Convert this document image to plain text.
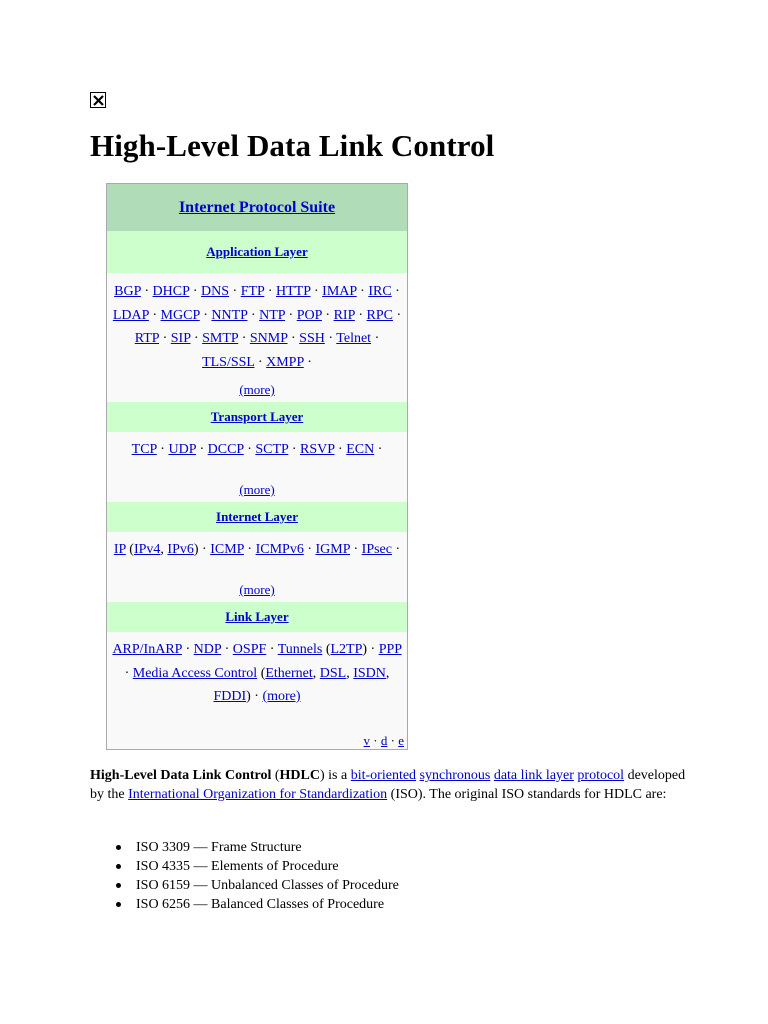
High-Level Data Link Control
Internet Protocol Suite
Application Layer
BGP · DHCP · DNS · FTP · HTTP · IMAP · IRC · LDAP · MGCP · NNTP · NTP · POP · RIP · RPC · RTP · SIP · SMTP · SNMP · SSH · Telnet · TLS/SSL · XMPP ·
(more)
Transport Layer
TCP · UDP · DCCP · SCTP · RSVP · ECN ·
(more)
Internet Layer
IP (IPv4, IPv6) · ICMP · ICMPv6 · IGMP · IPsec ·
(more)
Link Layer
ARP/InARP · NDP · OSPF · Tunnels (L2TP) · PPP · Media Access Control (Ethernet, DSL, ISDN, FDDI) · (more)
v · d · e
High-Level Data Link Control (HDLC) is a bit-oriented synchronous data link layer protocol developed by the International Organization for Standardization (ISO). The original ISO standards for HDLC are:
ISO 3309 — Frame Structure
ISO 4335 — Elements of Procedure
ISO 6159 — Unbalanced Classes of Procedure
ISO 6256 — Balanced Classes of Procedure
